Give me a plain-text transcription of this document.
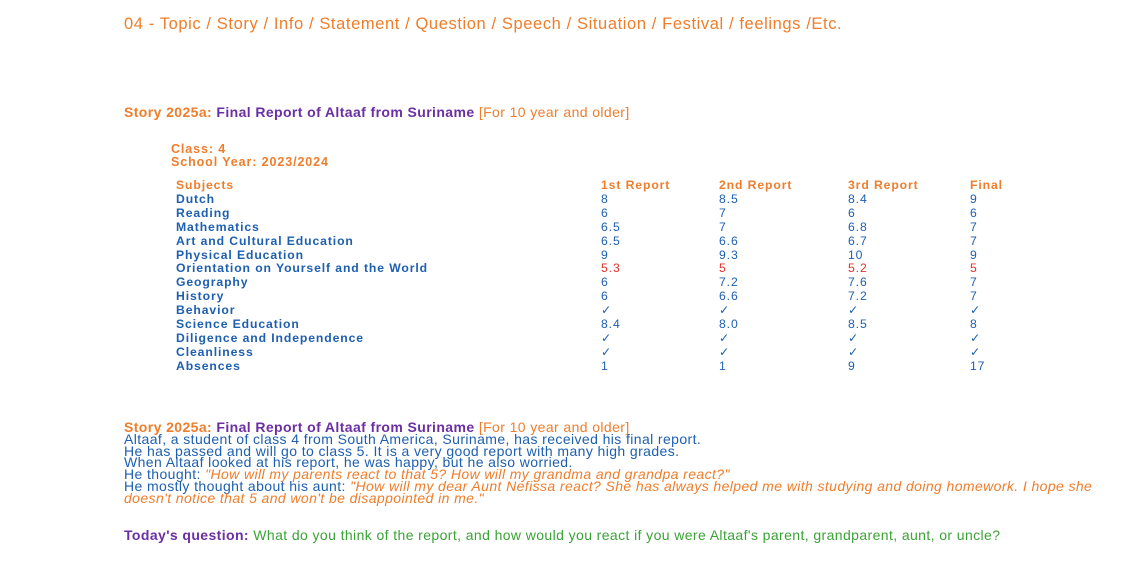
04 - Topic / Story / Info / Statement / Question / Speech / Situation / Festival / feelings /Etc.
Story 2025a: Final Report of Altaaf from Suriname [For 10 year and older]
Class: 4
School Year: 2023/2024
Subjects	1st Report	2nd Report	3rd Report	Final
Dutch	8	8.5	8.4	9
Reading	6	7	6	6
Mathematics	6.5	7	6.8	7
Art and Cultural Education	6.5	6.6	6.7	7
Physical Education	9	9.3	10	9
Orientation on Yourself and the World	5.3	5	5.2	5
Geography	6	7.2	7.6	7
History	6	6.6	7.2	7
Behavior	✓	✓	✓	✓
Science Education	8.4	8.0	8.5	8
Diligence and Independence	✓	✓	✓	✓
Cleanliness	✓	✓	✓	✓
Absences	1	1	9	17

Story 2025a: Final Report of Altaaf from Suriname [For 10 year and older]

Altaaf, a student of class 4 from South America, Suriname, has received his final report.

He has passed and will go to class 5. It is a very good report with many high grades.

When Altaaf looked at his report, he was happy, but he also worried.

He thought: "How will my parents react to that 5? How will my grandma and grandpa react?"

He mostly thought about his aunt: "How will my dear Aunt Nefissa react? She has always helped me with studying and doing homework. I hope she doesn't notice that 5 and won't be disappointed in me."

Today's question: What do you think of the report, and how would you react if you were Altaaf's parent, grandparent, aunt, or uncle?
